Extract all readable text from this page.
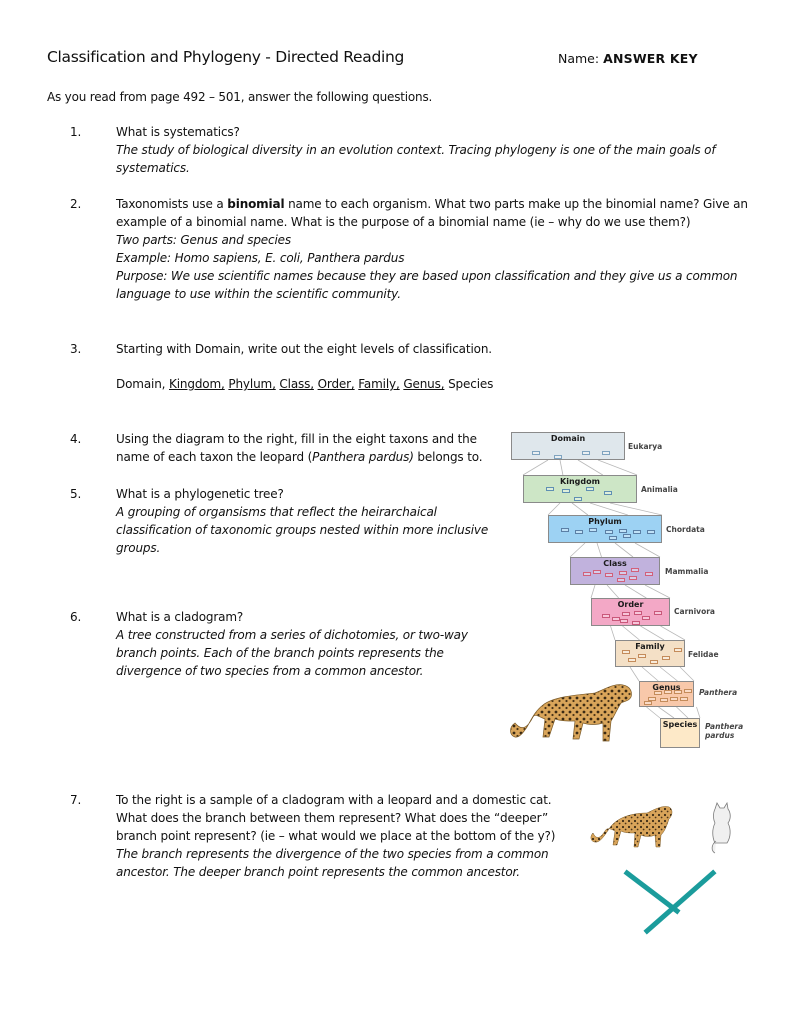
Classification and Phylogeny - Directed Reading	Name: ANSWER KEY
As you read from page 492 – 501, answer the following questions.
1.	What is systematics?
The study of biological diversity in an evolution context. Tracing phylogeny is one of the main goals of
systematics.
2.	Taxonomists use a binomial name to each organism. What two parts make up the binomial name? Give an
example of a binomial name. What is the purpose of a binomial name (ie – why do we use them?)
Two parts: Genus and species
Example: Homo sapiens, E. coli, Panthera pardus
Purpose: We use scientific names because they are based upon classification and they give us a common
language to use within the scientific community.
3.	Starting with Domain, write out the eight levels of classification.
Domain, Kingdom, Phylum, Class, Order, Family, Genus, Species
4.	Using the diagram to the right, fill in the eight taxons and the
name of each taxon the leopard (Panthera pardus) belongs to.
5.	What is a phylogenetic tree?
A grouping of organsisms that reflect the heirarchaical
classification of taxonomic groups nested within more inclusive
groups.
6.	What is a cladogram?
A tree constructed from a series of dichotomies, or two-way
branch points. Each of the branch points represents the
divergence of two species from a common ancestor.
7.	To the right is a sample of a cladogram with a leopard and a domestic cat.
What does the branch between them represent? What does the “deeper”
branch point represent? (ie – what would we place at the bottom of the y?)
The branch represents the divergence of the two species from a common
ancestor. The deeper branch point represents the common ancestor.
Domain
Eukarya
Kingdom
Animalia
Phylum
Chordata
Class
Mammalia
Order
Carnivora
Family
Felidae
Genus
Panthera
Species Panthera pardus
